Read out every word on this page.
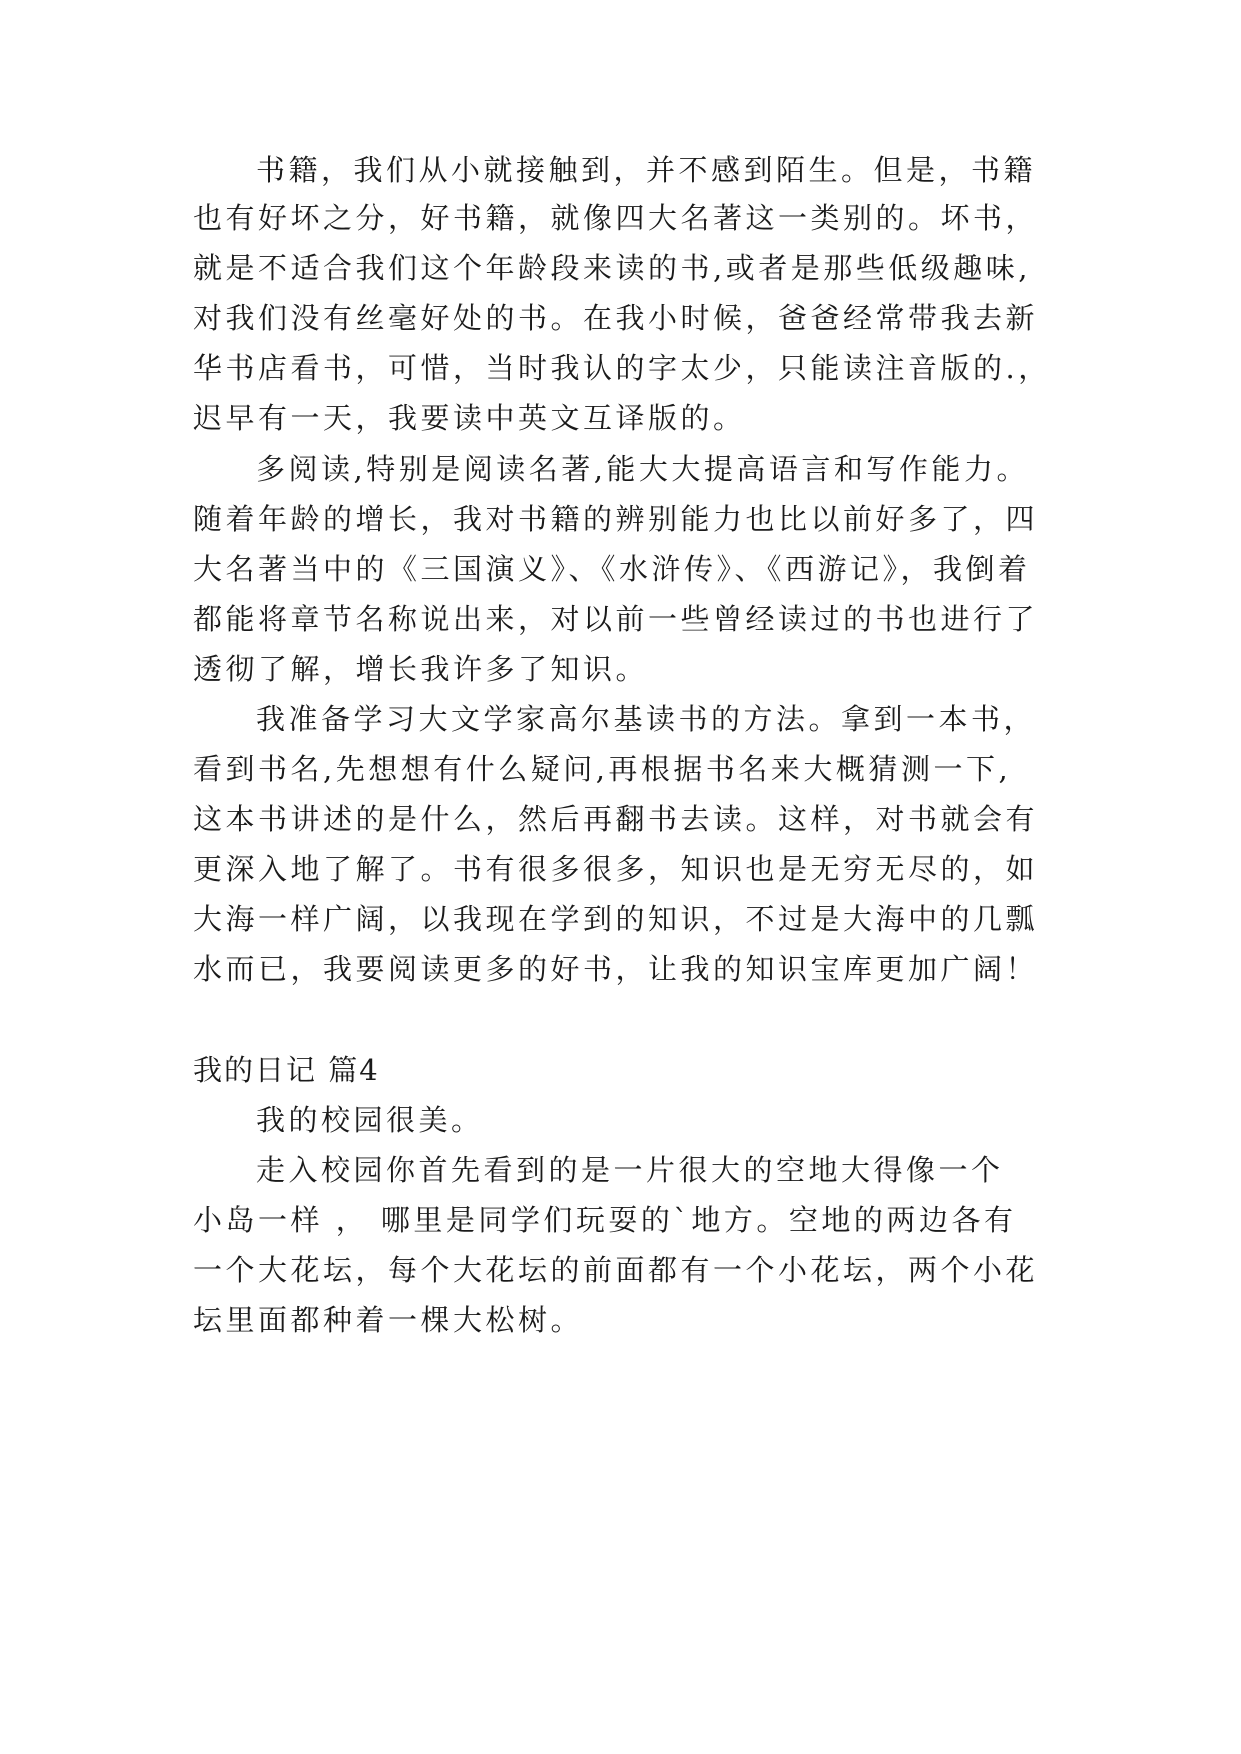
书籍，我们从小就接触到，并不感到陌生。但是，书籍
也有好坏之分，好书籍，就像四大名著这一类别的。坏书，
就是不适合我们这个年龄段来读的书,或者是那些低级趣味,
对我们没有丝毫好处的书。在我小时候，爸爸经常带我去新
华书店看书，可惜，当时我认的字太少，只能读注音版的.，
迟早有一天，我要读中英文互译版的。
多阅读,特别是阅读名著,能大大提高语言和写作能力。
随着年龄的增长，我对书籍的辨别能力也比以前好多了，四
大名著当中的《三国演义》、《水浒传》、《西游记》，我倒着
都能将章节名称说出来，对以前一些曾经读过的书也进行了
透彻了解，增长我许多了知识。
我准备学习大文学家高尔基读书的方法。拿到一本书，
看到书名,先想想有什么疑问,再根据书名来大概猜测一下,
这本书讲述的是什么，然后再翻书去读。这样，对书就会有
更深入地了解了。书有很多很多，知识也是无穷无尽的，如
大海一样广阔，以我现在学到的知识，不过是大海中的几瓢
水而已，我要阅读更多的好书，让我的知识宝库更加广阔！
我的日记 篇4
我的校园很美。
走入校园你首先看到的是一片很大的空地大得像一个
小岛一样 ， 哪里是同学们玩耍的`地方。空地的两边各有
一个大花坛，每个大花坛的前面都有一个小花坛，两个小花
坛里面都种着一棵大松树。
